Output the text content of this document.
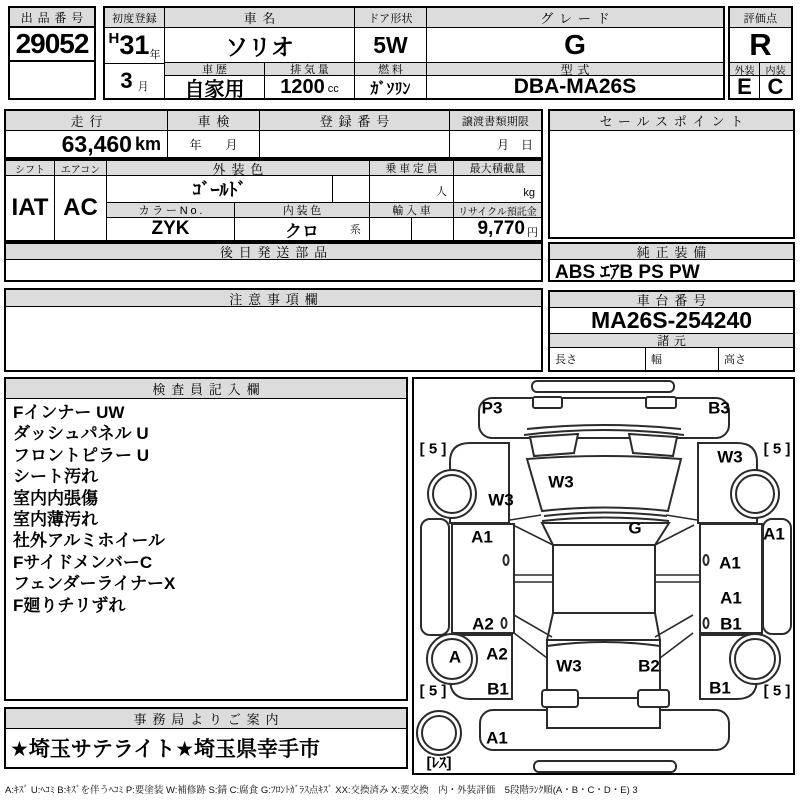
出品番号
29052
初度登録
H 31 年
3 月
車名
ソリオ
車歴
自家用
排気量
1200 cc
ドア形状
5W
燃料
ｶﾞｿﾘﾝ
グレード
G
型式
DBA-MA26S
評価点
R
外装	内装
E C
走行
63,460 km
車検
年　　月
登録番号	譲渡書類期限
月　日
シフト
IAT
エアコン
AC
外装色
ｺﾞｰﾙﾄﾞ
カラーNo.
ZYK
内装色
クロ	系
乗車定員
人
輸入車
最大積載量
kg
リサイクル預託金
9,770 円
セールスポイント
後日発送部品	純正装備
ABS ｴｱB PS PW
注意事項欄	車台番号
MA26S-254240
諸元
長さ	幅	高さ
検査員記入欄
Fインナー UW
ダッシュパネル U
フロントピラー U
シート汚れ
室内内張傷
室内薄汚れ
社外アルミホイール
FサイドメンバーC
フェンダーライナーX
F廻りチリずれ
事務局よりご案内
★埼玉サテライト★埼玉県幸手市
P3	B3
[ 5 ]	[ 5 ]
W3
W3
W3
G
A1	A1
A1
A1
A2	B1
A2
A	W3	B2
B1	B1
[ 5 ]	[ 5 ]
A1
[ﾚｽ]
A:ｷｽﾞ U:ﾍｺﾐ B:ｷｽﾞを伴うﾍｺﾐ P:要塗装 W:補修跡 S:錆 C:腐食 G:ﾌﾛﾝﾄｶﾞﾗｽ点ｷｽﾞ XX:交換済み X:要交換　内・外装評価　5段階ﾗﾝｸ順(A・B・C・D・E) 3
